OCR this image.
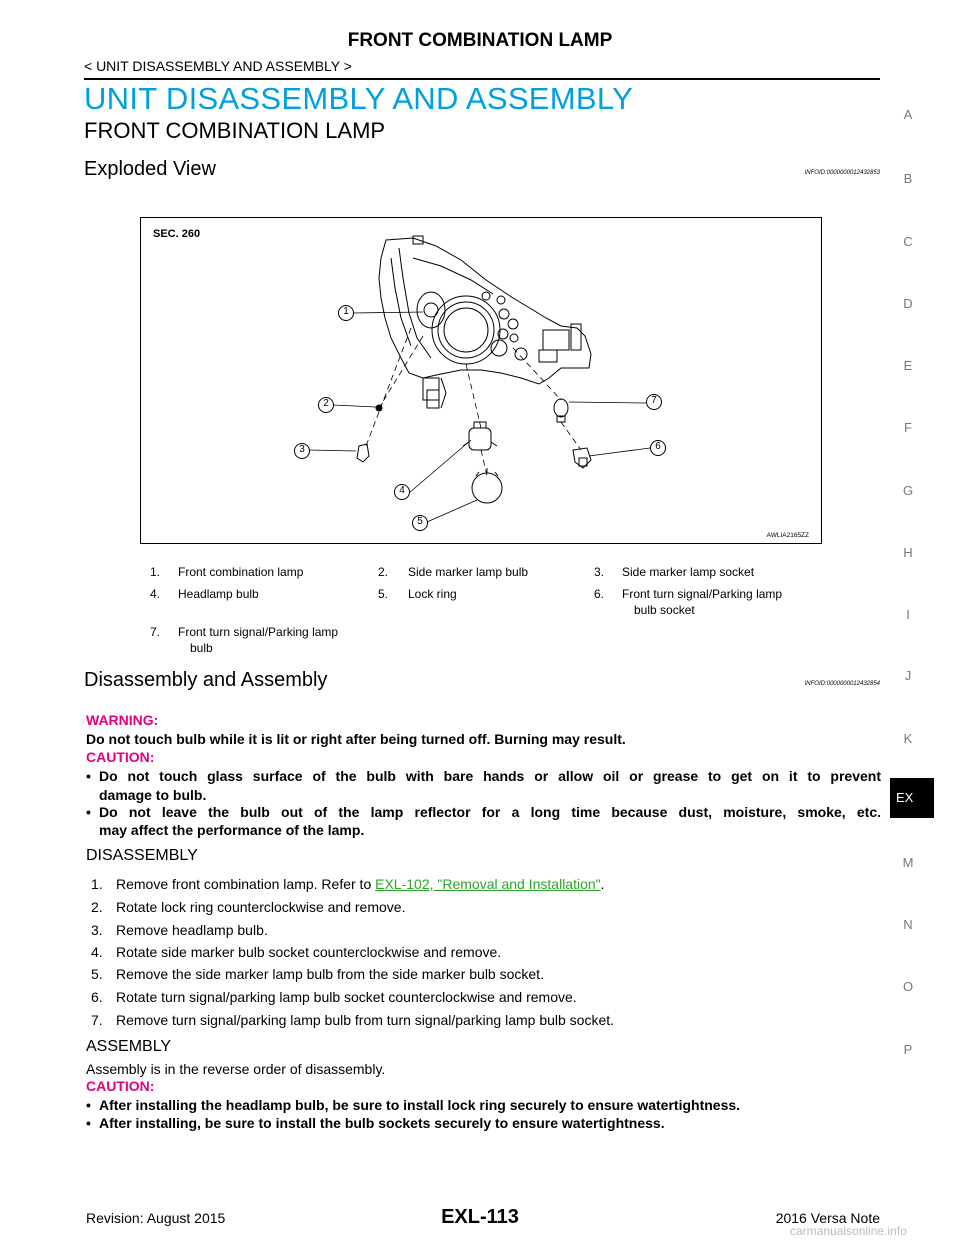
FRONT COMBINATION LAMP
< UNIT DISASSEMBLY AND ASSEMBLY >
UNIT DISASSEMBLY AND ASSEMBLY
FRONT COMBINATION LAMP
Exploded View	INFOID:0000000012432853
A
B
C
D
E
F
G
H
I
J
K
EX
M
N
O
P
SEC. 260
1
2
3
4
5
6
7
AWLIA2165ZZ
1. Front combination lamp	2. Side marker lamp bulb	3. Side marker lamp socket
4. Headlamp bulb	5. Lock ring	6. Front turn signal/Parking lamp
bulb socket
7. Front turn signal/Parking lamp
bulb
Disassembly and Assembly	INFOID:0000000012432854
WARNING:
Do not touch bulb while it is lit or right after being turned off. Burning may result.
CAUTION:
• Do not touch glass surface of the bulb with bare hands or allow oil or grease to get on it to prevent
damage to bulb.
• Do not leave the bulb out of the lamp reflector for a long time because dust, moisture, smoke, etc.
may affect the performance of the lamp.
DISASSEMBLY
1. Remove front combination lamp. Refer to EXL-102, "Removal and Installation".
2. Rotate lock ring counterclockwise and remove.
3. Remove headlamp bulb.
4. Rotate side marker bulb socket counterclockwise and remove.
5. Remove the side marker lamp bulb from the side marker bulb socket.
6. Rotate turn signal/parking lamp bulb socket counterclockwise and remove.
7. Remove turn signal/parking lamp bulb from turn signal/parking lamp bulb socket.
ASSEMBLY
Assembly is in the reverse order of disassembly.
CAUTION:
• After installing the headlamp bulb, be sure to install lock ring securely to ensure watertightness.
• After installing, be sure to install the bulb sockets securely to ensure watertightness.
Revision: August 2015	EXL-113	2016 Versa Note
carmanualsonline.info
